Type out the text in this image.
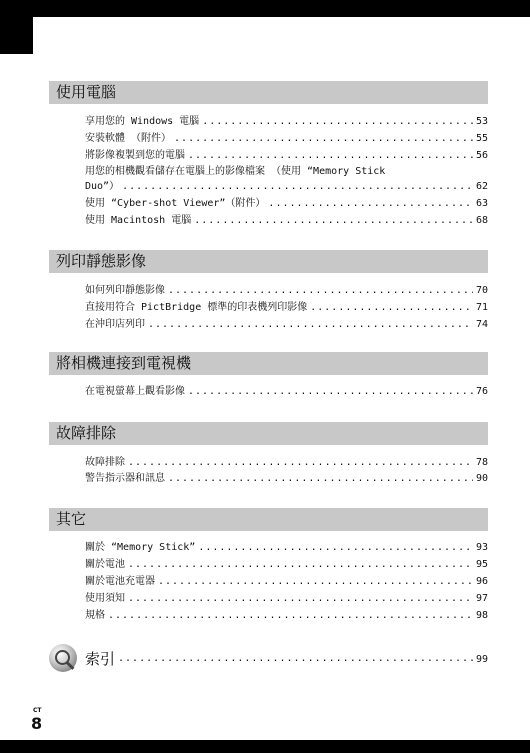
使用電腦
享用您的 Windows 電腦 .....	53
安裝軟體 （附件） .....	55
將影像複製到您的電腦 .....	56
用您的相機觀看儲存在電腦上的影像檔案 （使用 “Memory Stick
Duo”） .....	62
使用 “Cyber-shot Viewer”（附件） .....	63
使用 Macintosh 電腦 .....	68
列印靜態影像
如何列印靜態影像 .....	70
直接用符合 PictBridge 標準的印表機列印影像 .....	71
在沖印店列印 .....	74
將相機連接到電視機
在電視螢幕上觀看影像 .....	76
故障排除
故障排除 .....	78
警告指示器和訊息 .....	90
其它
關於 “Memory Stick” .....	93
關於電池 .....	95
關於電池充電器 .....	96
使用須知 .....	97
規格 .....	98
索引 .....	99
CT
8
